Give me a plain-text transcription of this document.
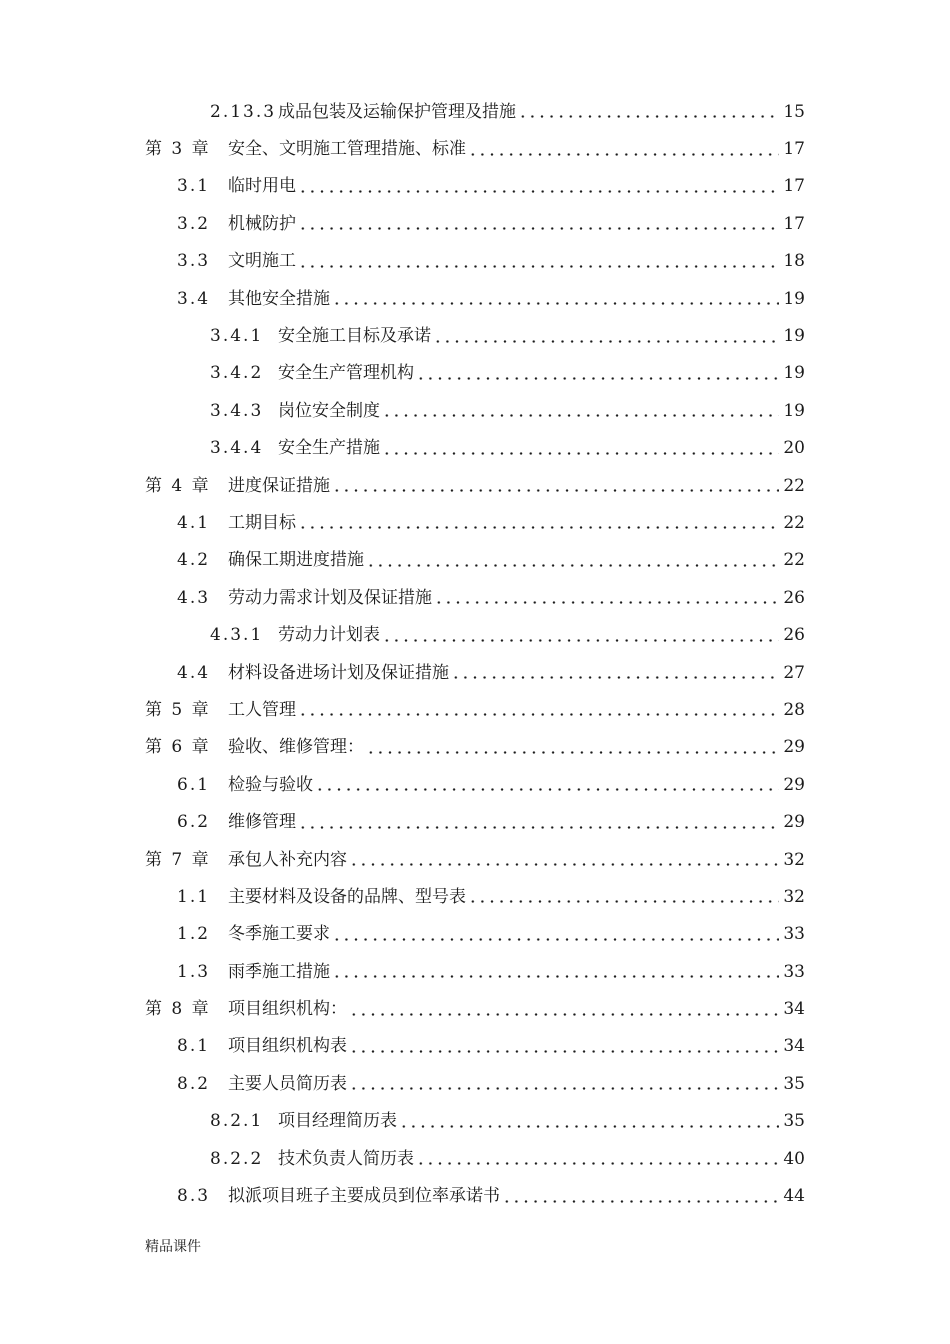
2.13.3 成品包装及运输保护管理及措施	15
第 3 章	安全、文明施工管理措施、标准	17
3.1	临时用电	17
3.2	机械防护	17
3.3	文明施工	18
3.4	其他安全措施	19
3.4.1 安全施工目标及承诺	19
3.4.2 安全生产管理机构	19
3.4.3 岗位安全制度	19
3.4.4 安全生产措施	20
第 4 章	进度保证措施	22
4.1	工期目标	22
4.2	确保工期进度措施	22
4.3	劳动力需求计划及保证措施	26
4.3.1 劳动力计划表	26
4.4	材料设备进场计划及保证措施	27
第 5 章	工人管理	28
第 6 章	验收、维修管理：	29
6.1	检验与验收	29
6.2	维修管理	29
第 7 章	承包人补充内容	32
1.1	主要材料及设备的品牌、型号表	32
1.2	冬季施工要求	33
1.3	雨季施工措施	33
第 8 章	项目组织机构：	34
8.1	项目组织机构表	34
8.2	主要人员简历表	35
8.2.1 项目经理简历表	35
8.2.2 技术负责人简历表	40
8.3	拟派项目班子主要成员到位率承诺书	44
精品课件
